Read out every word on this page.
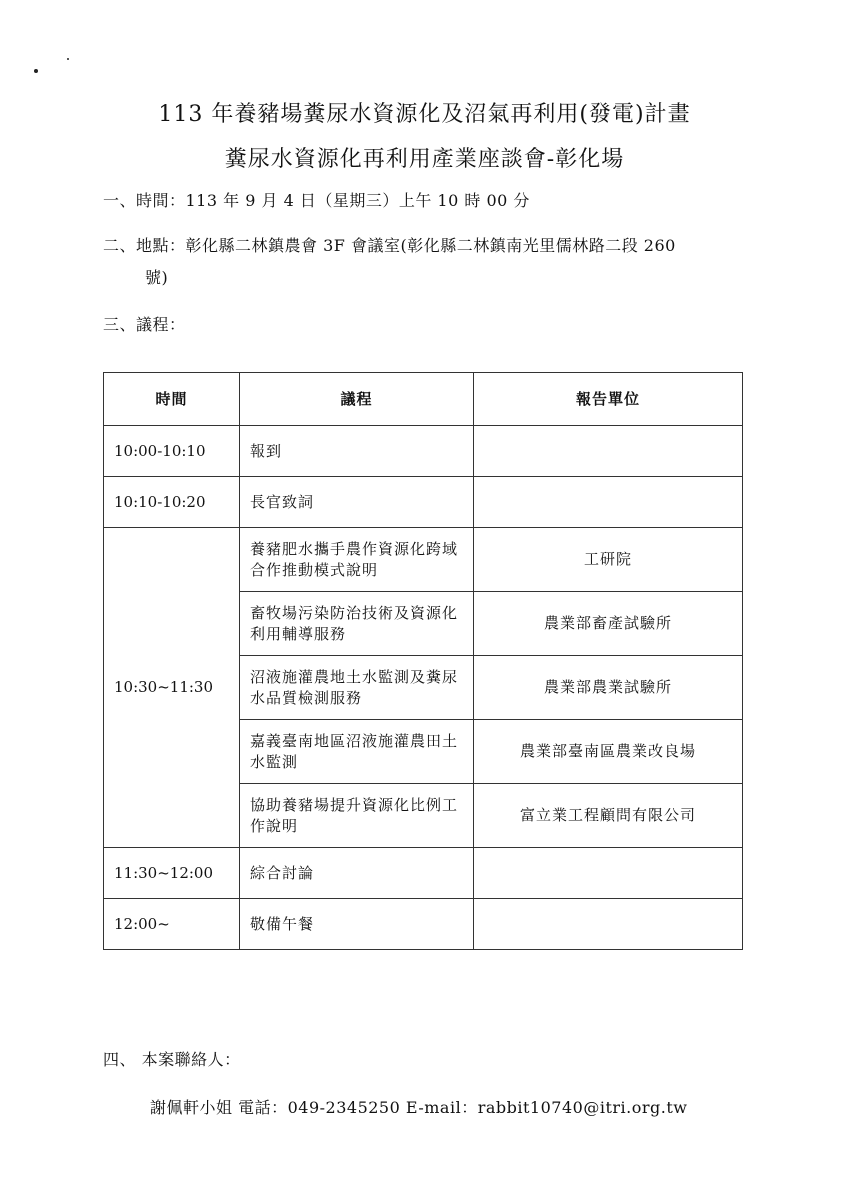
113 年養豬場糞尿水資源化及沼氣再利用(發電)計畫
糞尿水資源化再利用產業座談會-彰化場
一、時間：113 年 9 月 4 日（星期三）上午 10 時 00 分
二、地點：彰化縣二林鎮農會 3F 會議室(彰化縣二林鎮南光里儒林路二段 260
號)
三、議程：
時間	議程	報告單位
10:00-10:10	報到	
10:10-10:20	長官致詞	
10:30~11:30	養豬肥水攜手農作資源化跨域合作推動模式說明	工研院
	畜牧場污染防治技術及資源化利用輔導服務	農業部畜產試驗所
	沼液施灌農地土水監測及糞尿水品質檢測服務	農業部農業試驗所
	嘉義臺南地區沼液施灌農田土水監測	農業部臺南區農業改良場
	協助養豬場提升資源化比例工作說明	富立業工程顧問有限公司
11:30~12:00	綜合討論	
12:00~	敬備午餐	
四、 本案聯絡人：
謝佩軒小姐 電話：049-2345250 E-mail：rabbit10740@itri.org.tw
